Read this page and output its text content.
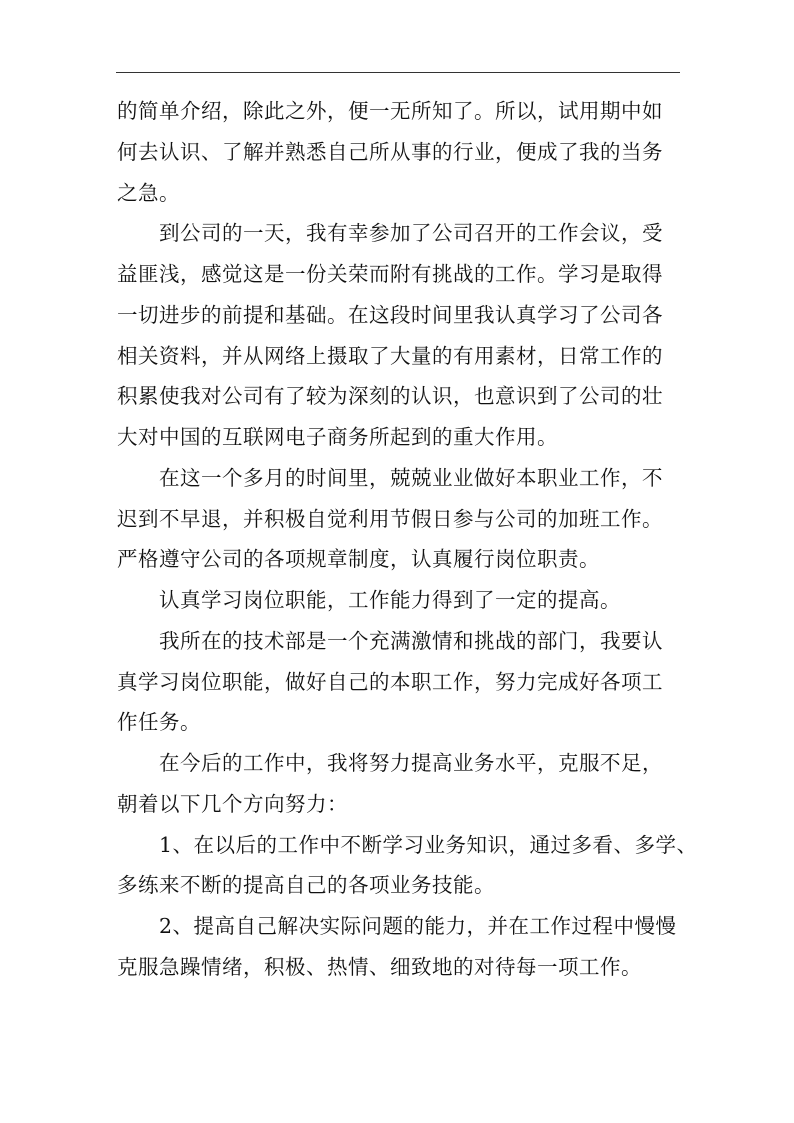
的简单介绍，除此之外，便一无所知了。所以，试用期中如
何去认识、了解并熟悉自己所从事的行业，便成了我的当务
之急。
到公司的一天，我有幸参加了公司召开的工作会议，受
益匪浅，感觉这是一份关荣而附有挑战的工作。学习是取得
一切进步的前提和基础。在这段时间里我认真学习了公司各
相关资料，并从网络上摄取了大量的有用素材，日常工作的
积累使我对公司有了较为深刻的认识，也意识到了公司的壮
大对中国的互联网电子商务所起到的重大作用。
在这一个多月的时间里，兢兢业业做好本职业工作，不
迟到不早退，并积极自觉利用节假日参与公司的加班工作。
严格遵守公司的各项规章制度，认真履行岗位职责。
认真学习岗位职能，工作能力得到了一定的提高。
我所在的技术部是一个充满激情和挑战的部门，我要认
真学习岗位职能，做好自己的本职工作，努力完成好各项工
作任务。
在今后的工作中，我将努力提高业务水平，克服不足，
朝着以下几个方向努力：
1、在以后的工作中不断学习业务知识，通过多看、多学、
多练来不断的提高自己的各项业务技能。
2、提高自己解决实际问题的能力，并在工作过程中慢慢
克服急躁情绪，积极、热情、细致地的对待每一项工作。
